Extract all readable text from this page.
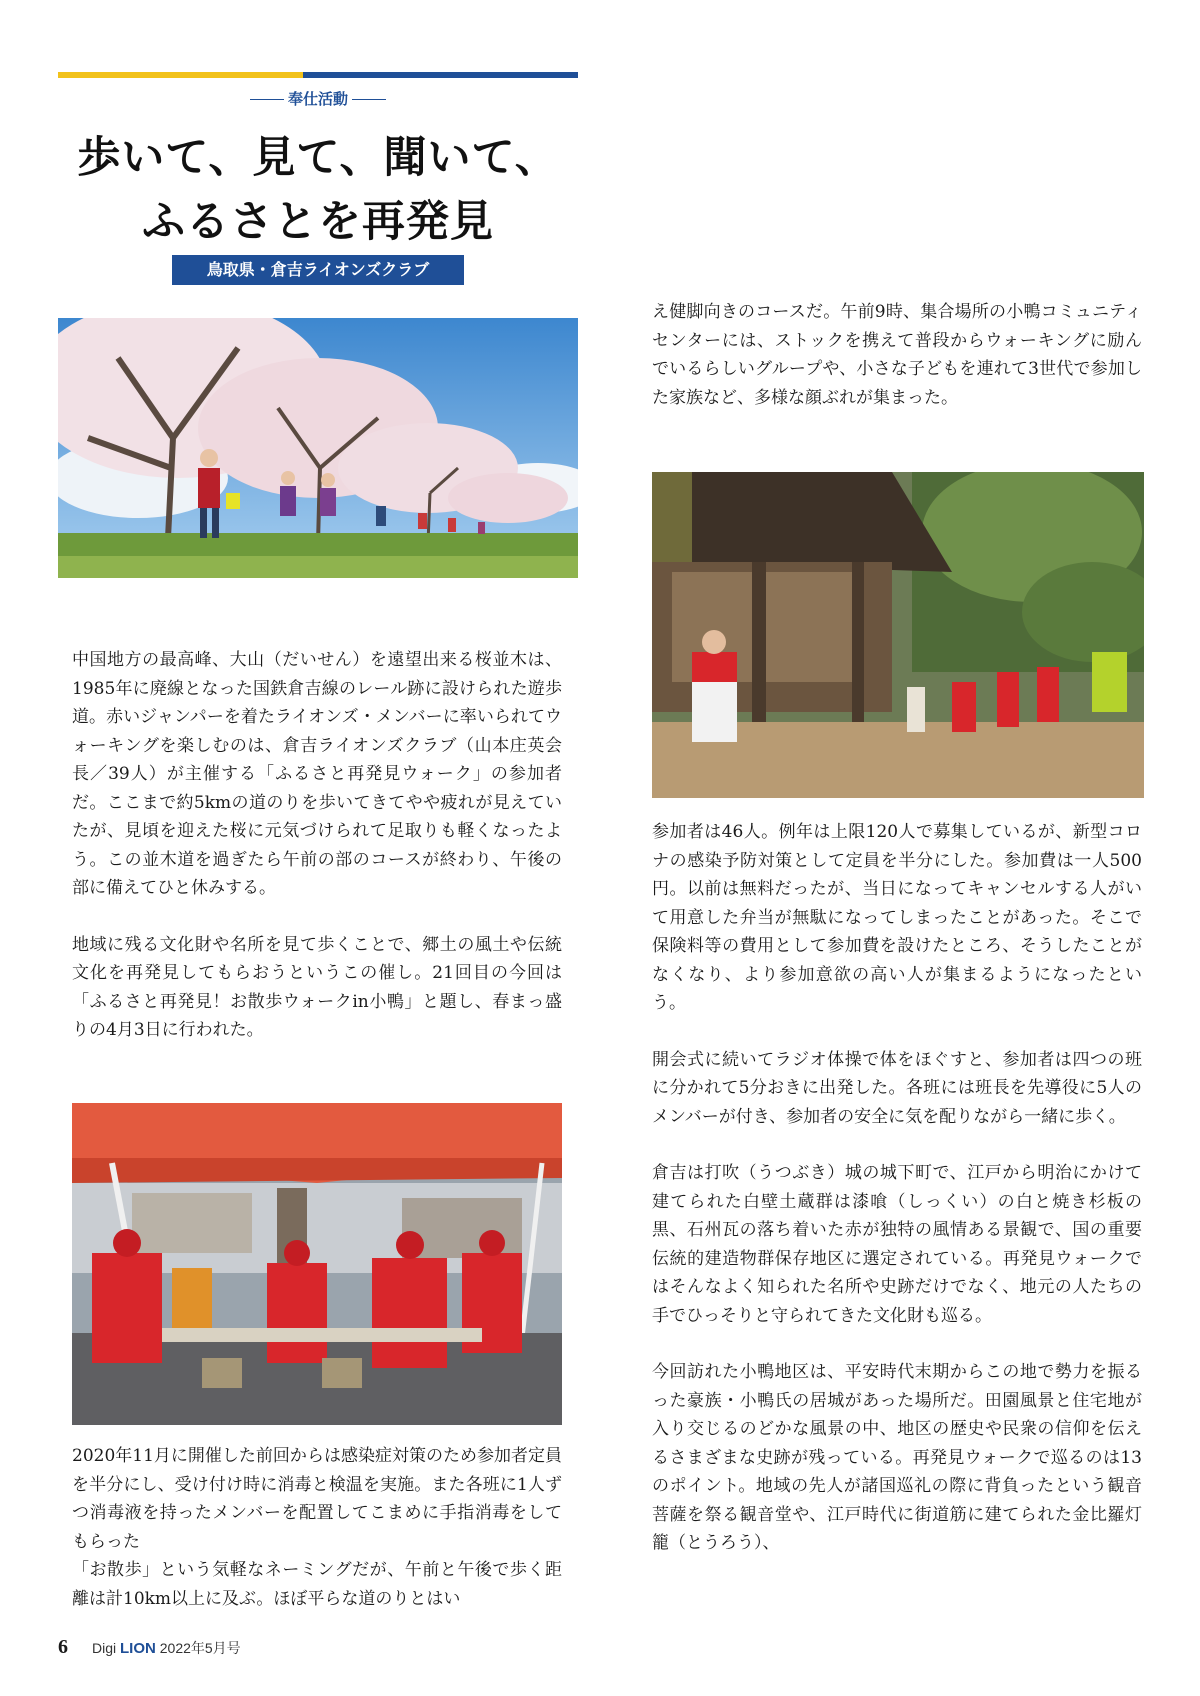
奉仕活動
歩いて、見て、聞いて、
ふるさとを再発見
鳥取県・倉吉ライオンズクラブ

中国地方の最高峰、大山（だいせん）を遠望出来る桜並木は、1985年に廃線となった国鉄倉吉線のレール跡に設けられた遊歩道。赤いジャンパーを着たライオンズ・メンバーに率いられてウォーキングを楽しむのは、倉吉ライオンズクラブ（山本庄英会長／39人）が主催する「ふるさと再発見ウォーク」の参加者だ。ここまで約5kmの道のりを歩いてきてやや疲れが見えていたが、見頃を迎えた桜に元気づけられて足取りも軽くなったよう。この並木道を過ぎたら午前の部のコースが終わり、午後の部に備えてひと休みする。

地域に残る文化財や名所を見て歩くことで、郷土の風土や伝統文化を再発見してもらおうというこの催し。21回目の今回は「ふるさと再発見！お散歩ウォークin小鴨」と題し、春まっ盛りの4月3日に行われた。

2020年11月に開催した前回からは感染症対策のため参加者定員を半分にし、受け付け時に消毒と検温を実施。また各班に1人ずつ消毒液を持ったメンバーを配置してこまめに手指消毒をしてもらった

「お散歩」という気軽なネーミングだが、午前と午後で歩く距離は計10km以上に及ぶ。ほぼ平らな道のりとはい

え健脚向きのコースだ。午前9時、集合場所の小鴨コミュニティセンターには、ストックを携えて普段からウォーキングに励んでいるらしいグループや、小さな子どもを連れて3世代で参加した家族など、多様な顔ぶれが集まった。

参加者は46人。例年は上限120人で募集しているが、新型コロナの感染予防対策として定員を半分にした。参加費は一人500円。以前は無料だったが、当日になってキャンセルする人がいて用意した弁当が無駄になってしまったことがあった。そこで保険料等の費用として参加費を設けたところ、そうしたことがなくなり、より参加意欲の高い人が集まるようになったという。

開会式に続いてラジオ体操で体をほぐすと、参加者は四つの班に分かれて5分おきに出発した。各班には班長を先導役に5人のメンバーが付き、参加者の安全に気を配りながら一緒に歩く。

倉吉は打吹（うつぶき）城の城下町で、江戸から明治にかけて建てられた白壁土蔵群は漆喰（しっくい）の白と焼き杉板の黒、石州瓦の落ち着いた赤が独特の風情ある景観で、国の重要伝統的建造物群保存地区に選定されている。再発見ウォークではそんなよく知られた名所や史跡だけでなく、地元の人たちの手でひっそりと守られてきた文化財も巡る。

今回訪れた小鴨地区は、平安時代末期からこの地で勢力を振るった豪族・小鴨氏の居城があった場所だ。田園風景と住宅地が入り交じるのどかな風景の中、地区の歴史や民衆の信仰を伝えるさまざまな史跡が残っている。再発見ウォークで巡るのは13のポイント。地域の先人が諸国巡礼の際に背負ったという観音菩薩を祭る観音堂や、江戸時代に街道筋に建てられた金比羅灯籠（とうろう）、

6 Digi LION 2022年5月号
